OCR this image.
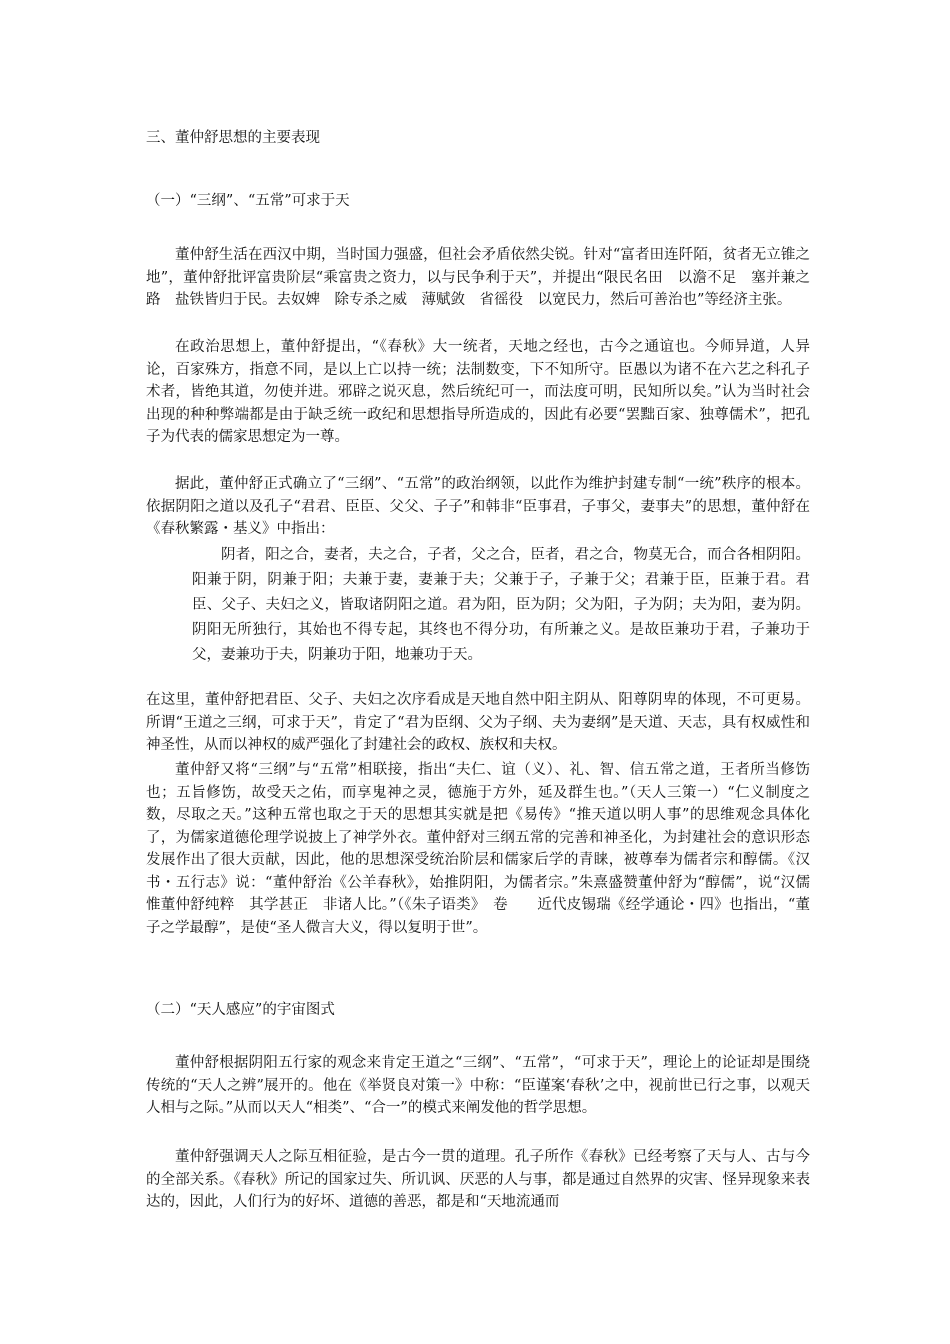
三、董仲舒思想的主要表现
（一）“三纲”、“五常”可求于天

董仲舒生活在西汉中期，当时国力强盛，但社会矛盾依然尖锐。针对“富者田连阡陌，贫者无立锥之地”，董仲舒批评富贵阶层“乘富贵之资力，以与民争利于天”，并提出“限民名田　以澹不足　塞并兼之路　盐铁皆归于民。去奴婢　除专杀之威　薄赋敛　省徭役　以宽民力，然后可善治也”等经济主张。

在政治思想上，董仲舒提出，“《春秋》大一统者，天地之经也，古今之通谊也。今师异道，人异论，百家殊方，指意不同，是以上亡以持一统；法制数变，下不知所守。臣愚以为诸不在六艺之科孔子术者，皆绝其道，勿使并进。邪辟之说灭息，然后统纪可一，而法度可明，民知所以矣。”认为当时社会出现的种种弊端都是由于缺乏统一政纪和思想指导所造成的，因此有必要“罢黜百家、独尊儒术”，把孔子为代表的儒家思想定为一尊。

据此，董仲舒正式确立了“三纲”、“五常”的政治纲领，以此作为维护封建专制“一统”秩序的根本。依据阴阳之道以及孔子“君君、臣臣、父父、子子”和韩非“臣事君，子事父，妻事夫”的思想，董仲舒在《春秋繁露・基义》中指出：

阴者，阳之合，妻者，夫之合，子者，父之合，臣者，君之合，物莫无合，而合各相阴阳。阳兼于阴，阴兼于阳；夫兼于妻，妻兼于夫；父兼于子，子兼于父；君兼于臣，臣兼于君。君臣、父子、夫妇之义，皆取诸阴阳之道。君为阳，臣为阴；父为阳，子为阴；夫为阳，妻为阴。阴阳无所独行，其始也不得专起，其终也不得分功，有所兼之义。是故臣兼功于君，子兼功于父，妻兼功于夫，阴兼功于阳，地兼功于天。

在这里，董仲舒把君臣、父子、夫妇之次序看成是天地自然中阳主阴从、阳尊阴卑的体现，不可更易。所谓“王道之三纲，可求于天”，肯定了“君为臣纲、父为子纲、夫为妻纲”是天道、天志，具有权威性和神圣性，从而以神权的威严强化了封建社会的政权、族权和夫权。

董仲舒又将“三纲”与“五常”相联接，指出“夫仁、谊（义）、礼、智、信五常之道，王者所当修饬也；五旨修饬，故受天之佑，而享鬼神之灵，德施于方外，延及群生也。”（天人三策一）“仁义制度之数，尽取之天。”这种五常也取之于天的思想其实就是把《易传》“推天道以明人事”的思维观念具体化了，为儒家道德伦理学说披上了神学外衣。董仲舒对三纲五常的完善和神圣化，为封建社会的意识形态发展作出了很大贡献，因此，他的思想深受统治阶层和儒家后学的青睐，被尊奉为儒者宗和醇儒。《汉书・五行志》说：“董仲舒治《公羊春秋》，始推阴阳，为儒者宗。”朱熹盛赞董仲舒为“醇儒”，说“汉儒　惟董仲舒纯粹　其学甚正　非诸人比。”（《朱子语类》　卷　　近代皮锡瑞《经学通论・四》也指出，“董子之学最醇”，是使“圣人微言大义，得以复明于世”。

（二）“天人感应”的宇宙图式

董仲舒根据阴阳五行家的观念来肯定王道之“三纲”、“五常”，“可求于天”，理论上的论证却是围绕传统的“天人之辨”展开的。他在《举贤良对策一》中称：“臣谨案‘春秋’之中，视前世已行之事，以观天人相与之际。”从而以天人“相类”、“合一”的模式来阐发他的哲学思想。

董仲舒强调天人之际互相征验，是古今一贯的道理。孔子所作《春秋》已经考察了天与人、古与今的全部关系。《春秋》所记的国家过失、所讥讽、厌恶的人与事，都是通过自然界的灾害、怪异现象来表达的，因此，人们行为的好坏、道德的善恶，都是和“天地流通而
